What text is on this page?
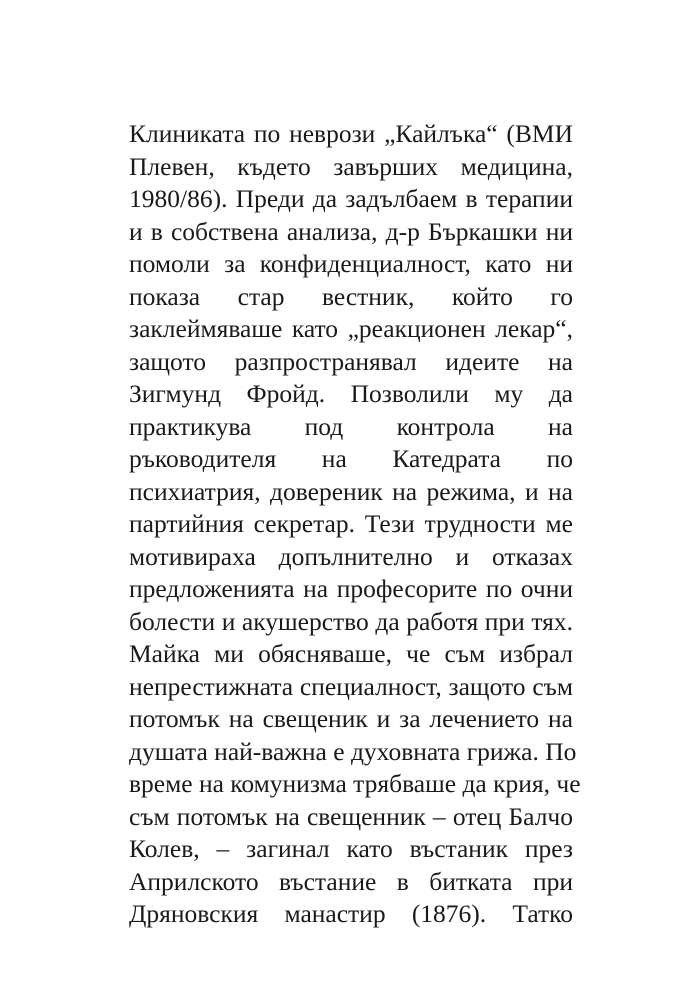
Клиниката по неврози „Кайлъка“ (ВМИ
Плевен, където завърших медицина,
1980/86). Преди да задълбаем в терапии
и в собствена анализа, д-р Бъркашки ни
помоли за конфиденциалност, като ни
показа стар вестник, който го
заклеймяваше като „реакционен лекар“,
защото разпространявал идеите на
Зигмунд Фройд. Позволили му да
практикува под контрола на
ръководителя на Катедрата по
психиатрия, довереник на режима, и на
партийния секретар. Тези трудности ме
мотивираха допълнително и отказах
предложенията на професорите по очни
болести и акушерство да работя при тях.
Майка ми обясняваше, че съм избрал
непрестижната специалност, защото съм
потомък на свещеник и за лечението на
душата най-важна е духовната грижа. По
време на комунизма трябваше да крия, че
съм потомък на свещенник – отец Балчо
Колев, – загинал като въстаник през
Априлското въстание в битката при
Дряновския манастир (1876). Татко
